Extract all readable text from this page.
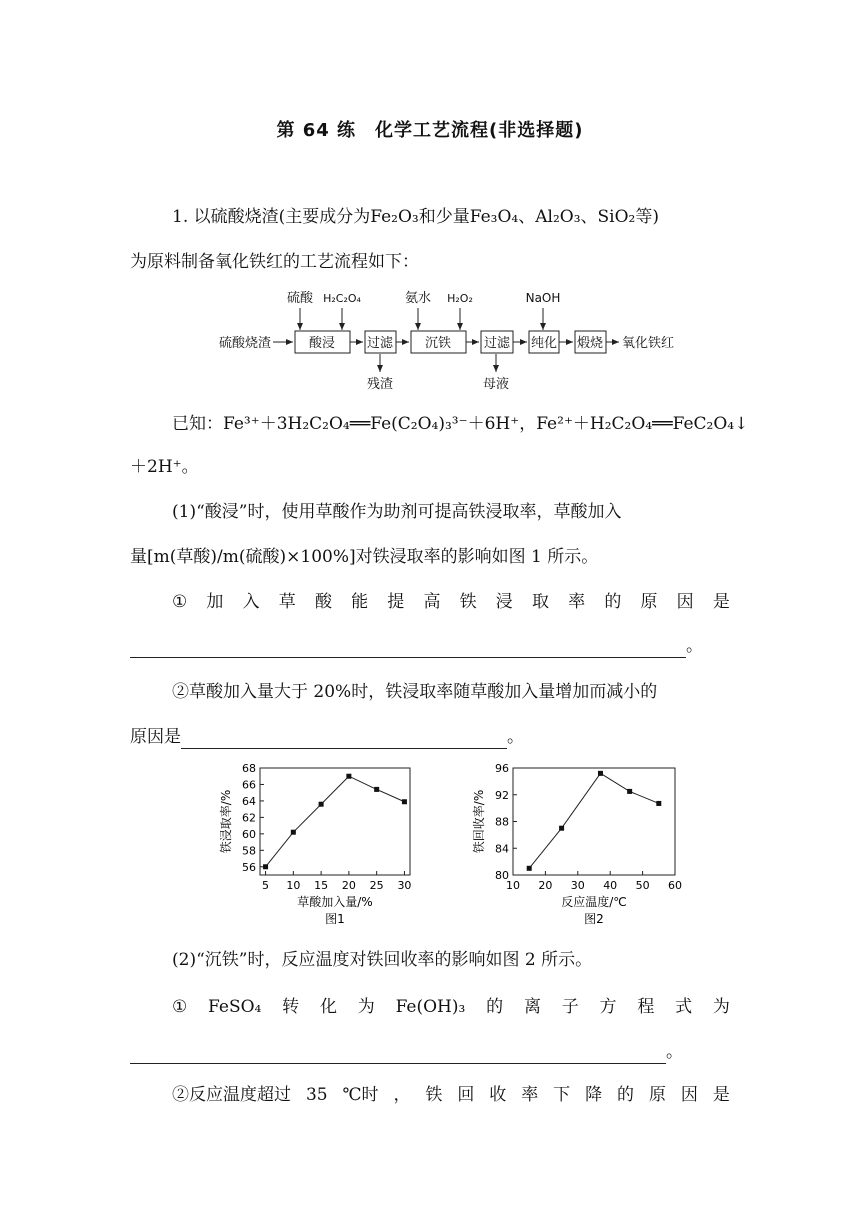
第 64 练　化学工艺流程(非选择题)
1. 以硫酸烧渣(主要成分为Fe₂O₃和少量Fe₃O₄、Al₂O₃、SiO₂等)
为原料制备氧化铁红的工艺流程如下：
硫酸烧渣	酸浸 过滤 沉铁	过滤 纯化 煅烧 氧化铁红
硫酸 H₂C₂O₄	氨水 H₂O₂	NaOH
残渣	母液
已知：Fe³⁺＋3H₂C₂O₄══Fe(C₂O₄)₃³⁻＋6H⁺，Fe²⁺＋H₂C₂O₄══FeC₂O₄↓
＋2H⁺。
(1)“酸浸”时，使用草酸作为助剂可提高铁浸取率，草酸加入
量[m(草酸)/m(硫酸)×100%]对铁浸取率的影响如图 1 所示。
① 加 入 草 酸 能 提 高 铁 浸 取 率 的 原 因 是
。
②草酸加入量大于 20%时，铁浸取率随草酸加入量增加而减小的
原因是	。
5 10 15 20 25 30
56
58
60
62
64
66
68
草酸加入量/%
铁浸取率/%
图1
10 20 30 40 50 60
80
84
88
92
96
反应温度/℃
铁回收率/%
图2
(2)“沉铁”时，反应温度对铁回收率的影响如图 2 所示。
① FeSO₄ 转 化 为 Fe(OH)₃ 的 离 子 方 程 式 为
。
②反应温度超过 35 ℃时 ， 铁 回 收 率 下 降 的 原 因 是
